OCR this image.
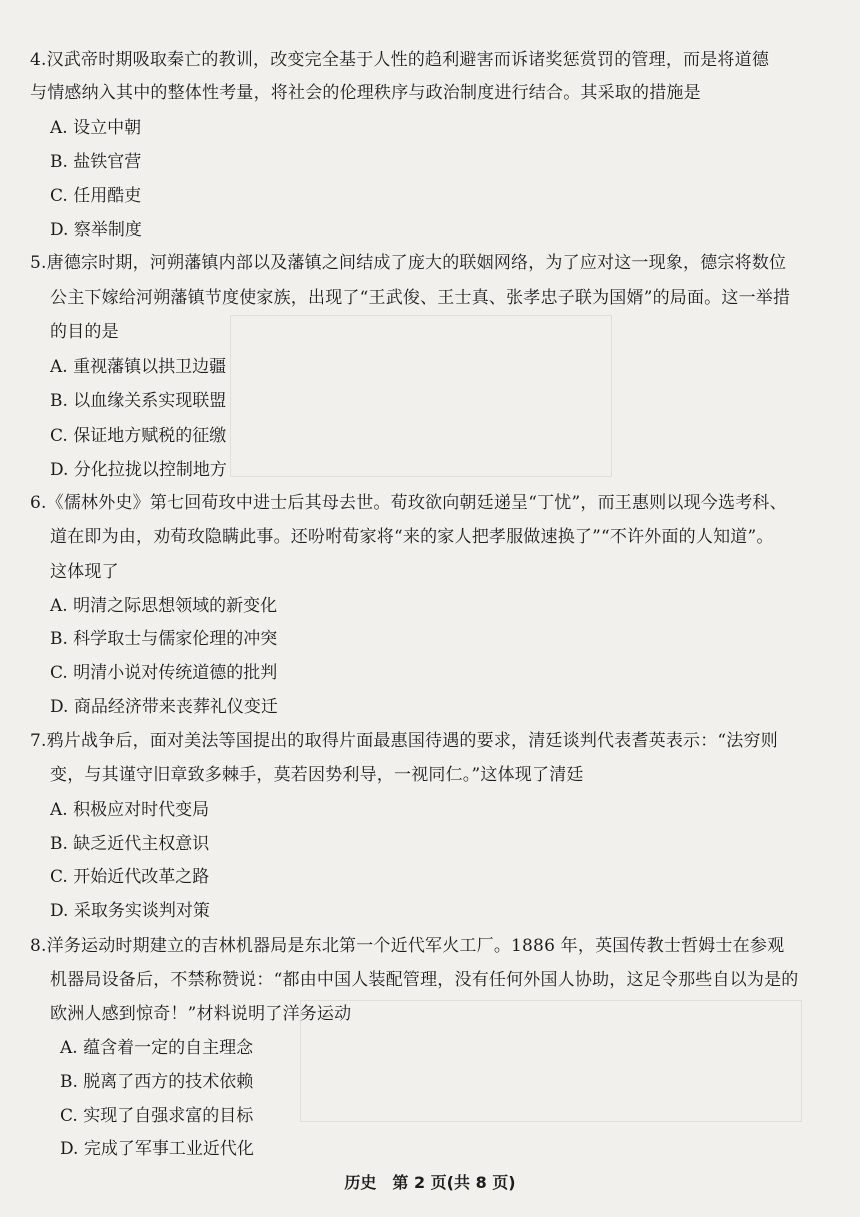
4.汉武帝时期吸取秦亡的教训，改变完全基于人性的趋利避害而诉诸奖惩赏罚的管理，而是将道德
与情感纳入其中的整体性考量，将社会的伦理秩序与政治制度进行结合。其采取的措施是
A. 设立中朝
B. 盐铁官营
C. 任用酷吏
D. 察举制度
5.唐德宗时期，河朔藩镇内部以及藩镇之间结成了庞大的联姻网络，为了应对这一现象，德宗将数位
公主下嫁给河朔藩镇节度使家族，出现了“王武俊、王士真、张孝忠子联为国婿”的局面。这一举措
的目的是
A. 重视藩镇以拱卫边疆
B. 以血缘关系实现联盟
C. 保证地方赋税的征缴
D. 分化拉拢以控制地方
6.《儒林外史》第七回荀玫中进士后其母去世。荀玫欲向朝廷递呈“丁忧”，而王惠则以现今选考科、
道在即为由，劝荀玫隐瞒此事。还吩咐荀家将“来的家人把孝服做速换了”“不许外面的人知道”。
这体现了
A. 明清之际思想领域的新变化
B. 科学取士与儒家伦理的冲突
C. 明清小说对传统道德的批判
D. 商品经济带来丧葬礼仪变迁
7.鸦片战争后，面对美法等国提出的取得片面最惠国待遇的要求，清廷谈判代表耆英表示：“法穷则
变，与其谨守旧章致多棘手，莫若因势利导，一视同仁。”这体现了清廷
A. 积极应对时代变局
B. 缺乏近代主权意识
C. 开始近代改革之路
D. 采取务实谈判对策
8.洋务运动时期建立的吉林机器局是东北第一个近代军火工厂。1886 年，英国传教士哲姆士在参观
机器局设备后，不禁称赞说：“都由中国人装配管理，没有任何外国人协助，这足令那些自以为是的
欧洲人感到惊奇！”材料说明了洋务运动
A. 蕴含着一定的自主理念
B. 脱离了西方的技术依赖
C. 实现了自强求富的目标
D. 完成了军事工业近代化
历史　第 2 页(共 8 页)
